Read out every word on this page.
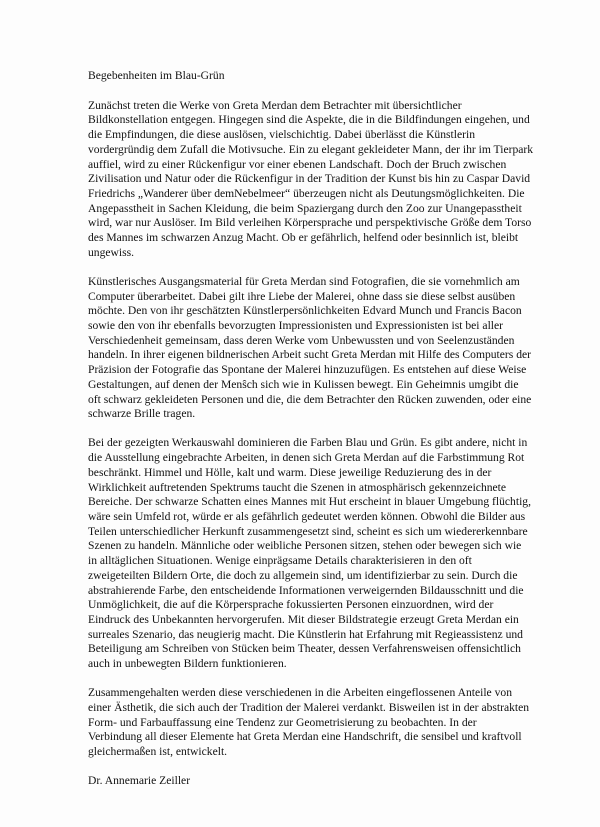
Begebenheiten im Blau-Grün
Zunächst treten die Werke von Greta Merdan dem Betrachter mit übersichtlicher
Bildkonstellation entgegen. Hingegen sind die Aspekte, die in die Bildfindungen eingehen, und
die Empfindungen, die diese auslösen, vielschichtig. Dabei überlässt die Künstlerin
vordergründig dem Zufall die Motivsuche. Ein zu elegant gekleideter Mann, der ihr im Tierpark
auffiel, wird zu einer Rückenfigur vor einer ebenen Landschaft. Doch der Bruch zwischen
Zivilisation und Natur oder die Rückenfigur in der Tradition der Kunst bis hin zu Caspar David
Friedrichs „Wanderer über demNebelmeer“ überzeugen nicht als Deutungsmöglichkeiten. Die
Angepasstheit in Sachen Kleidung, die beim Spaziergang durch den Zoo zur Unangepasstheit
wird, war nur Auslöser. Im Bild verleihen Körpersprache und perspektivische Größe dem Torso
des Mannes im schwarzen Anzug Macht. Ob er gefährlich, helfend oder besinnlich ist, bleibt
ungewiss.
Künstlerisches Ausgangsmaterial für Greta Merdan sind Fotografien, die sie vornehmlich am
Computer überarbeitet. Dabei gilt ihre Liebe der Malerei, ohne dass sie diese selbst ausüben
möchte. Den von ihr geschätzten Künstlerpersönlichkeiten Edvard Munch und Francis Bacon
sowie den von ihr ebenfalls bevorzugten Impressionisten und Expressionisten ist bei aller
Verschiedenheit gemeinsam, dass deren Werke vom Unbewussten und von Seelenzuständen
handeln. In ihrer eigenen bildnerischen Arbeit sucht Greta Merdan mit Hilfe des Computers der
Präzision der Fotografie das Spontane der Malerei hinzuzufügen. Es entstehen auf diese Weise
Gestaltungen, auf denen der Menŝch sich wie in Kulissen bewegt. Ein Geheimnis umgibt die
oft schwarz gekleideten Personen und die, die dem Betrachter den Rücken zuwenden, oder eine
schwarze Brille tragen.
Bei der gezeigten Werkauswahl dominieren die Farben Blau und Grün. Es gibt andere, nicht in
die Ausstellung eingebrachte Arbeiten, in denen sich Greta Merdan auf die Farbstimmung Rot
beschränkt. Himmel und Hölle, kalt und warm. Diese jeweilige Reduzierung des in der
Wirklichkeit auftretenden Spektrums taucht die Szenen in atmosphärisch gekennzeichnete
Bereiche. Der schwarze Schatten eines Mannes mit Hut erscheint in blauer Umgebung flüchtig,
wäre sein Umfeld rot, würde er als gefährlich gedeutet werden können. Obwohl die Bilder aus
Teilen unterschiedlicher Herkunft zusammengesetzt sind, scheint es sich um wiedererkennbare
Szenen zu handeln. Männliche oder weibliche Personen sitzen, stehen oder bewegen sich wie
in alltäglichen Situationen. Wenige einprägsame Details charakterisieren in den oft
zweigeteilten Bildern Orte, die doch zu allgemein sind, um identifizierbar zu sein. Durch die
abstrahierende Farbe, den entscheidende Informationen verweigernden Bildausschnitt und die
Unmöglichkeit, die auf die Körpersprache fokussierten Personen einzuordnen, wird der
Eindruck des Unbekannten hervorgerufen. Mit dieser Bildstrategie erzeugt Greta Merdan ein
surreales Szenario, das neugierig macht. Die Künstlerin hat Erfahrung mit Regieassistenz und
Beteiligung am Schreiben von Stücken beim Theater, dessen Verfahrensweisen offensichtlich
auch in unbewegten Bildern funktionieren.
Zusammengehalten werden diese verschiedenen in die Arbeiten eingeflossenen Anteile von
einer Ästhetik, die sich auch der Tradition der Malerei verdankt. Bisweilen ist in der abstrakten
Form- und Farbauffassung eine Tendenz zur Geometrisierung zu beobachten. In der
Verbindung all dieser Elemente hat Greta Merdan eine Handschrift, die sensibel und kraftvoll
gleichermaßen ist, entwickelt.
Dr. Annemarie Zeiller
